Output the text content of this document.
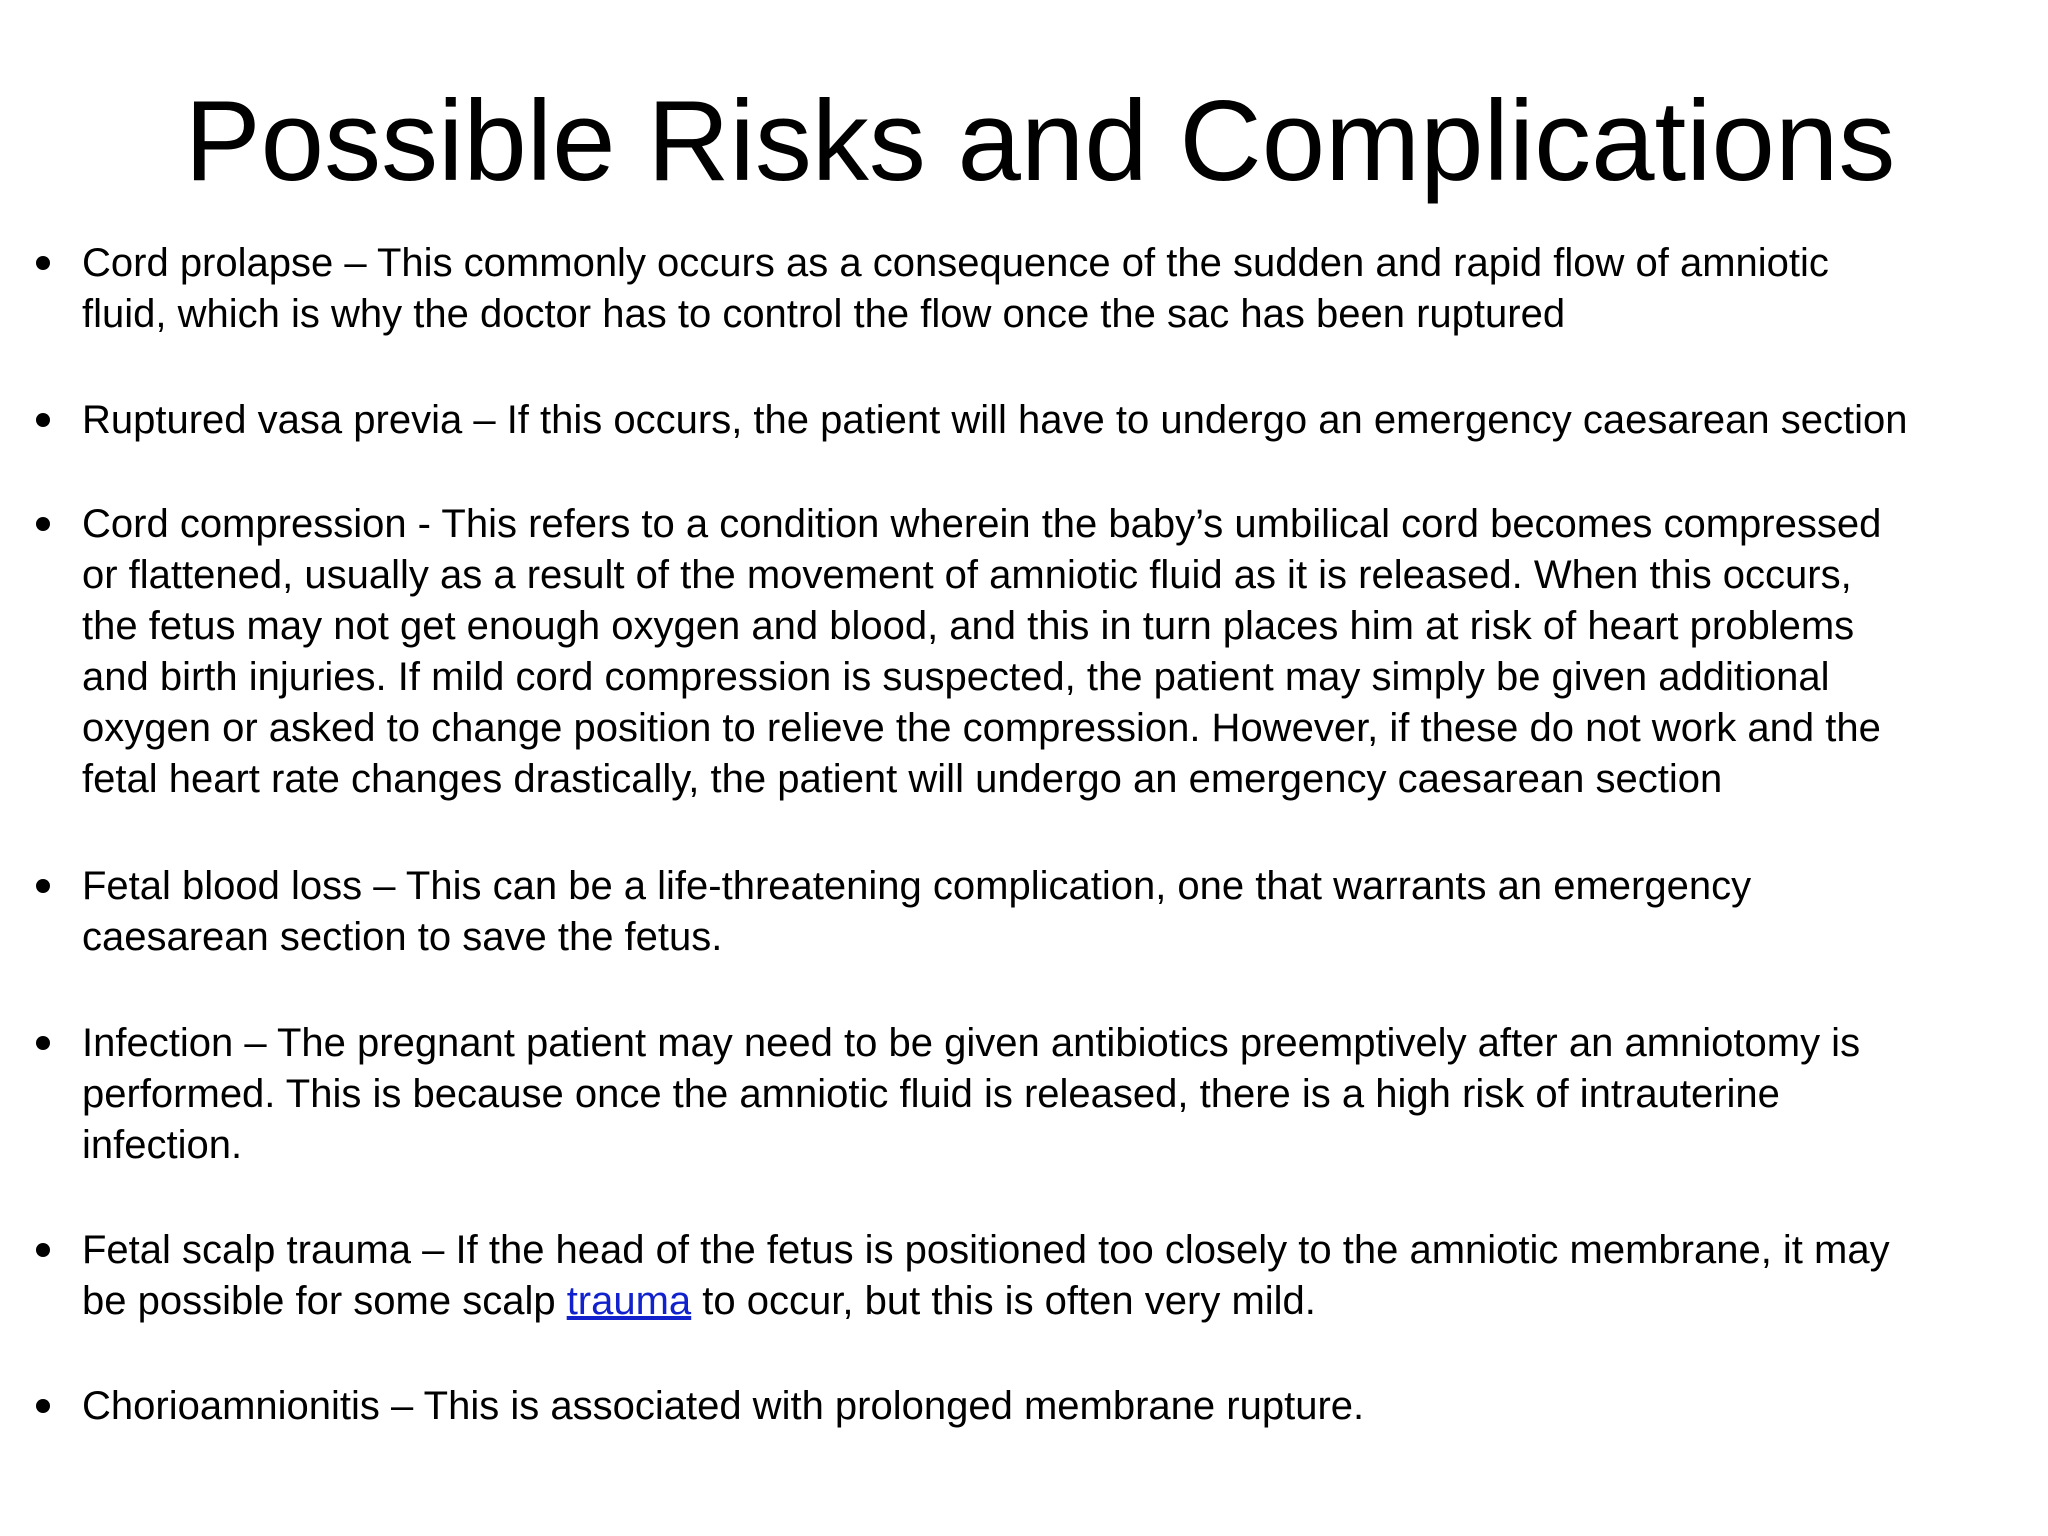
Possible Risks and Complications
Cord prolapse – This commonly occurs as a consequence of the sudden and rapid flow of amniotic
fluid, which is why the doctor has to control the flow once the sac has been ruptured
Ruptured vasa previa – If this occurs, the patient will have to undergo an emergency caesarean section
Cord compression - This refers to a condition wherein the baby’s umbilical cord becomes compressed
or flattened, usually as a result of the movement of amniotic fluid as it is released. When this occurs,
the fetus may not get enough oxygen and blood, and this in turn places him at risk of heart problems
and birth injuries. If mild cord compression is suspected, the patient may simply be given additional
oxygen or asked to change position to relieve the compression. However, if these do not work and the
fetal heart rate changes drastically, the patient will undergo an emergency caesarean section
Fetal blood loss – This can be a life-threatening complication, one that warrants an emergency
caesarean section to save the fetus.
Infection – The pregnant patient may need to be given antibiotics preemptively after an amniotomy is
performed. This is because once the amniotic fluid is released, there is a high risk of intrauterine
infection.
Fetal scalp trauma – If the head of the fetus is positioned too closely to the amniotic membrane, it may
be possible for some scalp trauma to occur, but this is often very mild.
Chorioamnionitis – This is associated with prolonged membrane rupture.
